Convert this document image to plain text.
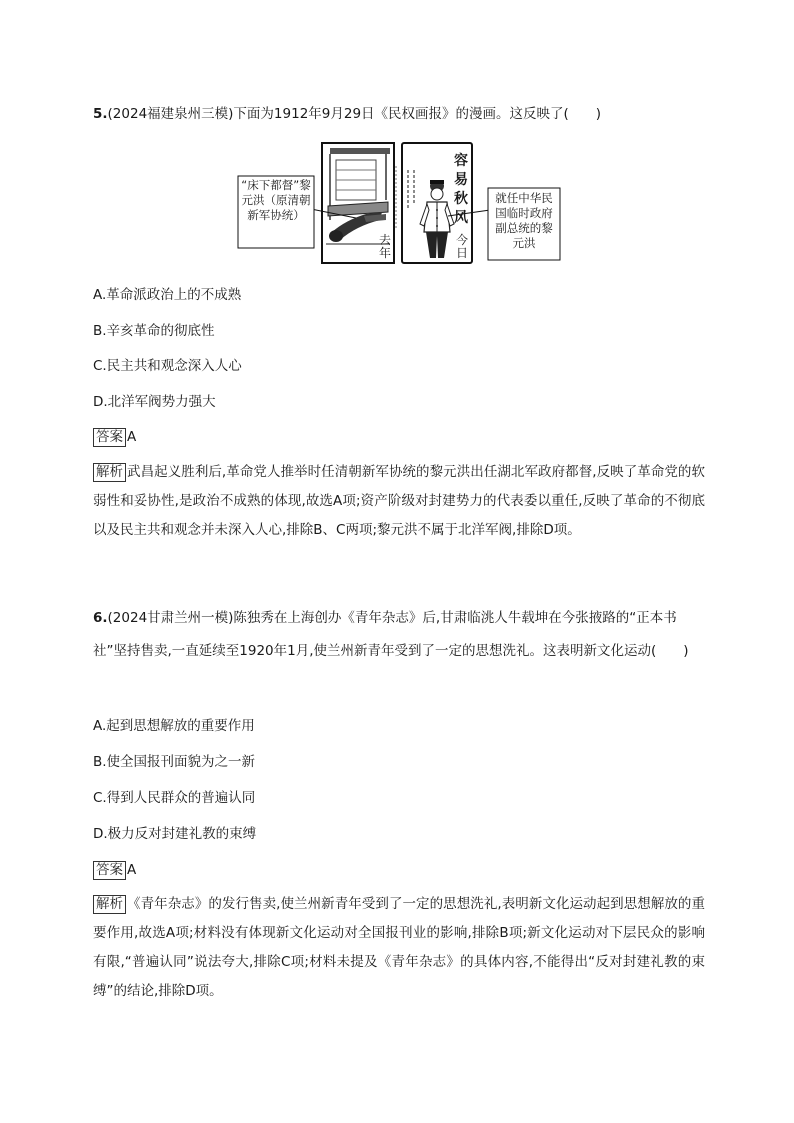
5.(2024福建泉州三模)下面为1912年9月29日《民权画报》的漫画。这反映了(　　)
“床下都督”黎元洪（原清朝新军协统）
就任中华民国临时政府副总统的黎元洪
去年
今日
容易秋风
A.革命派政治上的不成熟
B.辛亥革命的彻底性
C.民主共和观念深入人心
D.北洋军阀势力强大
答案 A
解析 武昌起义胜利后,革命党人推举时任清朝新军协统的黎元洪出任湖北军政府都督,反映了革命党的软弱性和妥协性,是政治不成熟的体现,故选A项;资产阶级对封建势力的代表委以重任,反映了革命的不彻底以及民主共和观念并未深入人心,排除B、C两项;黎元洪不属于北洋军阀,排除D项。
6.(2024甘肃兰州一模)陈独秀在上海创办《青年杂志》后,甘肃临洮人牛载坤在今张掖路的“正本书社”坚持售卖,一直延续至1920年1月,使兰州新青年受到了一定的思想洗礼。这表明新文化运动(　　)
A.起到思想解放的重要作用
B.使全国报刊面貌为之一新
C.得到人民群众的普遍认同
D.极力反对封建礼教的束缚
答案 A
解析 《青年杂志》的发行售卖,使兰州新青年受到了一定的思想洗礼,表明新文化运动起到思想解放的重要作用,故选A项;材料没有体现新文化运动对全国报刊业的影响,排除B项;新文化运动对下层民众的影响有限,“普遍认同”说法夸大,排除C项;材料未提及《青年杂志》的具体内容,不能得出“反对封建礼教的束缚”的结论,排除D项。
